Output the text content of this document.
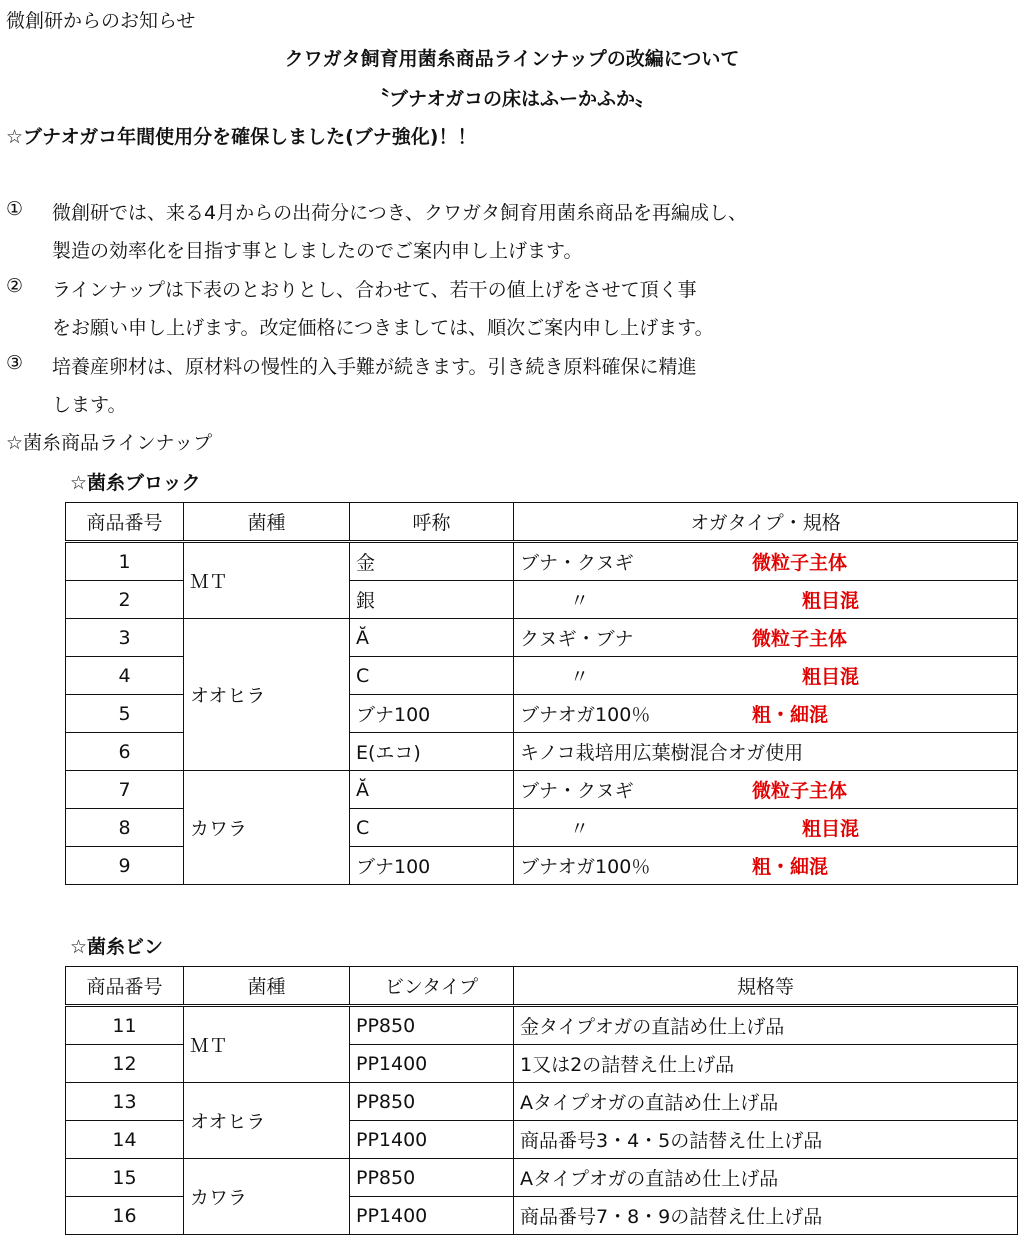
微創研からのお知らせ
クワガタ飼育用菌糸商品ラインナップの改編について
〝ブナオガコの床はふーかふか〟
☆ブナオガコ年間使用分を確保しました(ブナ強化)！！
① 微創研では、来る4月からの出荷分につき、クワガタ飼育用菌糸商品を再編成し、
製造の効率化を目指す事としましたのでご案内申し上げます。
② ラインナップは下表のとおりとし、合わせて、若干の値上げをさせて頂く事
をお願い申し上げます。改定価格につきましては、順次ご案内申し上げます。
③ 培養産卵材は、原材料の慢性的入手難が続きます。引き続き原料確保に精進
します。
☆菌糸商品ラインナップ
☆菌糸ブロック
商品番号	菌種	呼称	オガタイプ・規格
1	ＭＴ	金	ブナ・クヌギ 微粒子主体

2		銀	〃 粗目混

3	オオヒラ	Ă	クヌギ・ブナ 微粒子主体

4		C	〃 粗目混

5		ブナ100	ブナオガ100％ 粗・細混

6		E(エコ)	キノコ栽培用広葉樹混合オガ使用
7	カワラ	Ă	ブナ・クヌギ 微粒子主体

8		C	〃 粗目混

9		ブナ100	ブナオガ100％ 粗・細混
☆菌糸ビン
商品番号	菌種	ビンタイプ	規格等
11	ＭＴ	PP850	金タイプオガの直詰め仕上げ品
12		PP1400	1又は2の詰替え仕上げ品
13	オオヒラ	PP850	Aタイプオガの直詰め仕上げ品
14		PP1400	商品番号3・4・5の詰替え仕上げ品
15	カワラ	PP850	Aタイプオガの直詰め仕上げ品
16		PP1400	商品番号7・8・9の詰替え仕上げ品
